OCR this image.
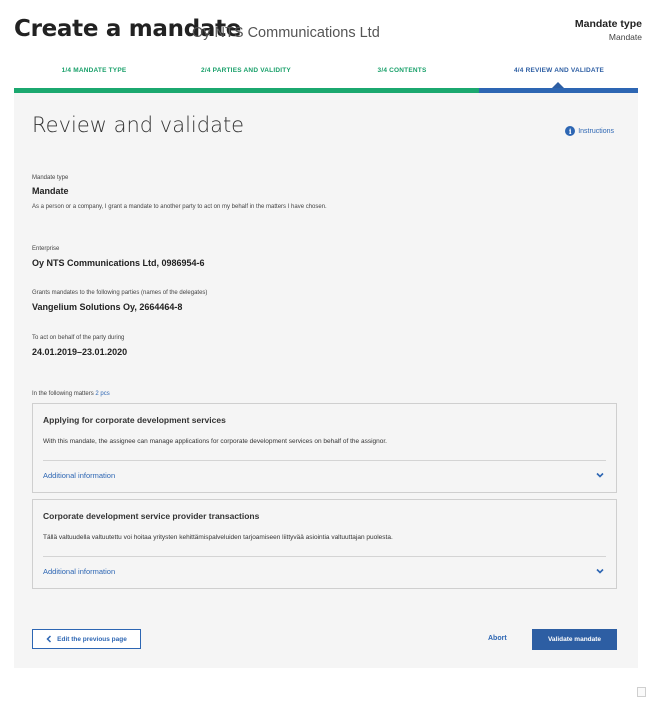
Create a mandate
Oy NTS Communications Ltd
Mandate type
Mandate
1/4 MANDATE TYPE	2/4 PARTIES AND VALIDITY	3/4 CONTENTS	4/4 REVIEW AND VALIDATE
Review and validate	i Instructions
Mandate type
Mandate
As a person or a company, I grant a mandate to another party to act on my behalf in the matters I have chosen.
Enterprise
Oy NTS Communications Ltd, 0986954-6
Grants mandates to the following parties (names of the delegates)
Vangelium Solutions Oy, 2664464-8
To act on behalf of the party during
24.01.2019–23.01.2020
In the following matters 2 pcs
Applying for corporate development services
With this mandate, the assignee can manage applications for corporate development services on behalf of the assignor.
Additional information
Corporate development service provider transactions
Tällä valtuudella valtuutettu voi hoitaa yritysten kehittämispalveluiden tarjoamiseen liittyvää asiointia valtuuttajan puolesta.
Additional information
Edit the previous page	Abort	Validate mandate
